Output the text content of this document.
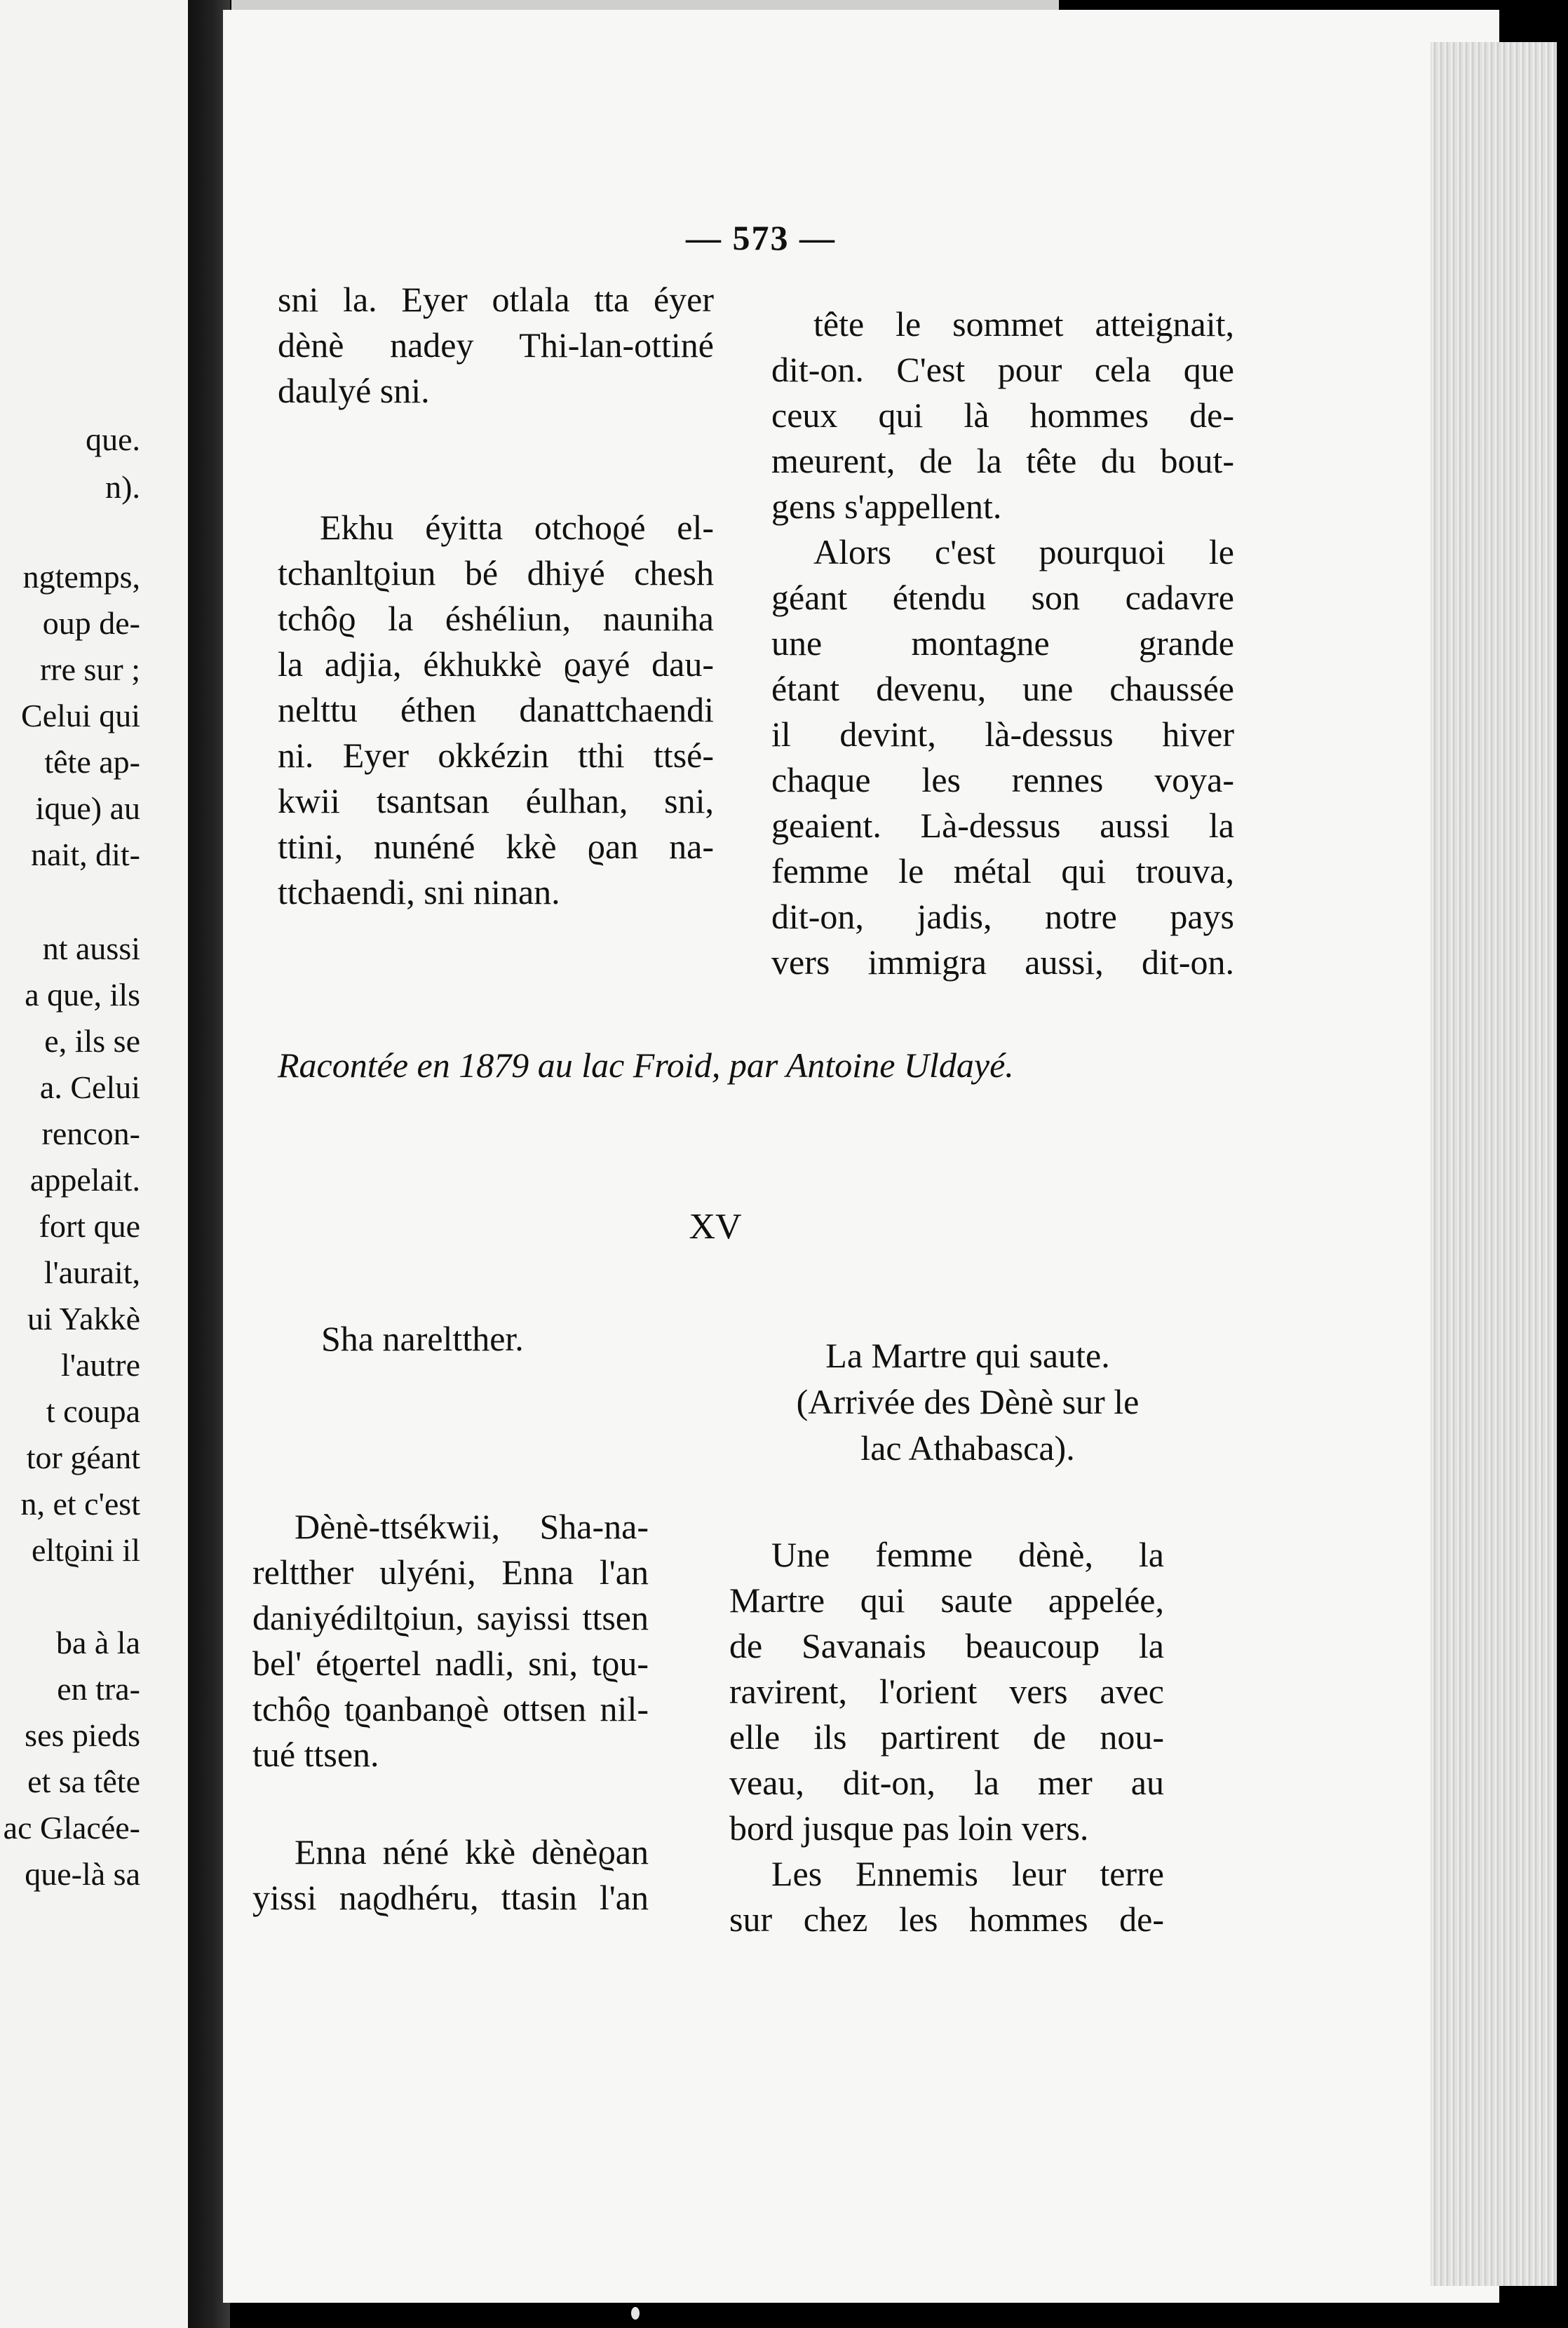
que.
n).
ngtemps,
oup de-
rre sur ;
Celui qui
tête ap-
ique) au
nait, dit-
nt aussi
a que, ils
e, ils se
a. Celui
rencon-
appelait.
fort que
l'aurait,
ui Yakkè
l'autre
t coupa
tor géant
n, et c'est
eltϱini il
ba à la
en tra-
ses pieds
et sa tête
ac Glacée-
que-là sa
— 573 —

sni la. Eyer otlala tta éyer

dènè nadey Thi-lan-ottiné

daulyé sni.

Ekhu éyitta otchoϱé el-

tchanltϱiun bé dhiyé chesh

tchôϱ la éshéliun, nauniha

la adjia, ékhukkè ϱayé dau-

nelttu éthen danattchaendi

ni. Eyer okkézin tthi ttsé-

kwii tsantsan éulhan, sni,

ttini, nunéné kkè ϱan na-

ttchaendi, sni ninan.

tête le sommet atteignait,

dit-on. C'est pour cela que

ceux qui là hommes de-

meurent, de la tête du bout-

gens s'appellent.

Alors c'est pourquoi le

géant étendu son cadavre

une montagne grande

étant devenu, une chaussée

il devint, là-dessus hiver

chaque les rennes voya-

geaient. Là-dessus aussi la

femme le métal qui trouva,

dit-on, jadis, notre pays

vers immigra aussi, dit-on.

Racontée en 1879 au lac Froid, par Antoine Uldayé.
XV
Sha nareltther.	La Martre qui saute.
(Arrivée des Dènè sur le
lac Athabasca).

Dènè-ttsékwii, Sha-na-

reltther ulyéni, Enna l'an

daniyédiltϱiun, sayissi ttsen

bel' étϱertel nadli, sni, tϱu-

tchôϱ tϱanbanϱè ottsen nil-

tué ttsen.

Enna néné kkè dènèϱan

yissi naϱdhéru, ttasin l'an

Une femme dènè, la

Martre qui saute appelée,

de Savanais beaucoup la

ravirent, l'orient vers avec

elle ils partirent de nou-

veau, dit-on, la mer au

bord jusque pas loin vers.

Les Ennemis leur terre

sur chez les hommes de-
